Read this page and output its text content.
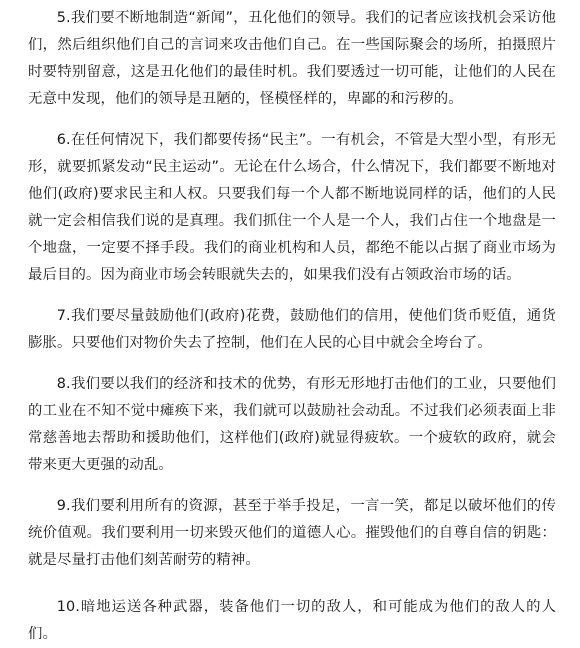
5.我们要不断地制造“新闻”，丑化他们的领导。我们的记者应该找机会采访他们，然后组织他们自己的言词来攻击他们自己。在一些国际聚会的场所，拍摄照片时要特别留意，这是丑化他们的最佳时机。我们要透过一切可能，让他们的人民在无意中发现，他们的领导是丑陋的，怪模怪样的，卑鄙的和污秽的。

6.在任何情况下，我们都要传扬“民主”。一有机会，不管是大型小型，有形无形，就要抓紧发动“民主运动”。无论在什么场合，什么情况下，我们都要不断地对他们(政府)要求民主和人权。只要我们每一个人都不断地说同样的话，他们的人民就一定会相信我们说的是真理。我们抓住一个人是一个人，我们占住一个地盘是一个地盘，一定要不择手段。我们的商业机构和人员，都绝不能以占据了商业市场为最后目的。因为商业市场会转眼就失去的，如果我们没有占领政治市场的话。

7.我们要尽量鼓励他们(政府)花费，鼓励他们的信用，使他们货币贬值，通货膨胀。只要他们对物价失去了控制，他们在人民的心目中就会全垮台了。

8.我们要以我们的经济和技术的优势，有形无形地打击他们的工业，只要他们的工业在不知不觉中瘫痪下来，我们就可以鼓励社会动乱。不过我们必须表面上非常慈善地去帮助和援助他们，这样他们(政府)就显得疲软。一个疲软的政府，就会带来更大更强的动乱。

9.我们要利用所有的资源，甚至于举手投足，一言一笑，都足以破坏他们的传统价值观。我们要利用一切来毁灭他们的道德人心。摧毁他们的自尊自信的钥匙：就是尽量打击他们刻苦耐劳的精神。

10.暗地运送各种武器，装备他们一切的敌人，和可能成为他们的敌人的人们。
